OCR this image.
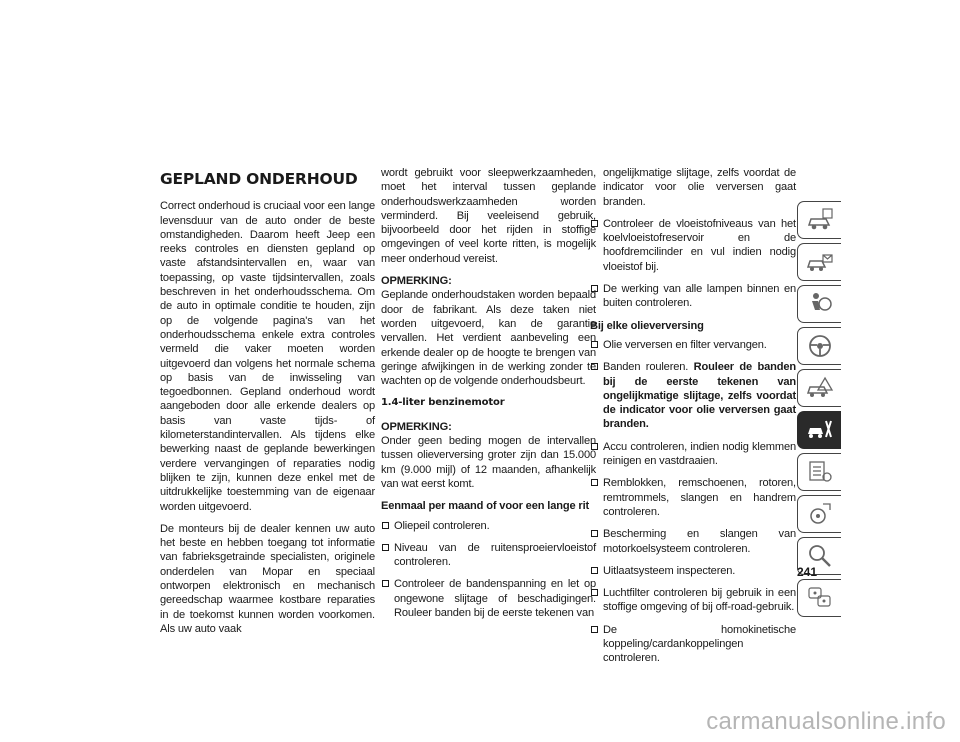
GEPLAND ONDERHOUD

Correct onderhoud is cruciaal voor een lange levensduur van de auto onder de beste omstandigheden. Daarom heeft Jeep een reeks controles en diensten gepland op vaste afstandsintervallen en, waar van toepassing, op vaste tijdsintervallen, zoals beschreven in het onderhoudsschema. Om de auto in optimale conditie te houden, zijn op de volgende pagina's van het onderhoudsschema enkele extra controles vermeld die vaker moeten worden uitgevoerd dan volgens het normale schema op basis van de inwisseling van tegoedbonnen. Gepland onderhoud wordt aangeboden door alle erkende dealers op basis van vaste tijds- of kilometerstandintervallen. Als tijdens elke bewerking naast de geplande bewerkingen verdere vervangingen of reparaties nodig blijken te zijn, kunnen deze enkel met de uitdrukkelijke toestemming van de eigenaar worden uitgevoerd.

De monteurs bij de dealer kennen uw auto het beste en hebben toegang tot informatie van fabrieksgetrainde specialisten, originele onderdelen van Mopar en speciaal ontworpen elektronisch en mechanisch gereedschap waarmee kostbare reparaties in de toekomst kunnen worden voorkomen. Als uw auto vaak

wordt gebruikt voor sleepwerkzaamheden, moet het interval tussen geplande onderhoudswerkzaamheden worden verminderd. Bij veeleisend gebruik, bijvoorbeeld door het rijden in stoffige omgevingen of veel korte ritten, is mogelijk meer onderhoud vereist.

OPMERKING:
Geplande onderhoudstaken worden bepaald door de fabrikant. Als deze taken niet worden uitgevoerd, kan de garantie vervallen. Het verdient aanbeveling een erkende dealer op de hoogte te brengen van geringe afwijkingen in de werking zonder te wachten op de volgende onderhoudsbeurt.

1.4-liter benzinemotor

OPMERKING:
Onder geen beding mogen de intervallen tussen olieverversing groter zijn dan 15.000 km (9.000 mijl) of 12 maanden, afhankelijk van wat eerst komt.

Eenmaal per maand of voor een lange rit
Oliepeil controleren.
Niveau van de ruitensproeiervloeistof controleren.
Controleer de bandenspanning en let op ongewone slijtage of beschadigingen. Rouleer banden bij de eerste tekenen van
ongelijkmatige slijtage, zelfs voordat de indicator voor olie verversen gaat branden.
Controleer de vloeistofniveaus van het koelvloeistofreservoir en de hoofdremcilinder en vul indien nodig vloeistof bij.
De werking van alle lampen binnen en buiten controleren.
Bij elke olieverversing
Olie verversen en filter vervangen.
Banden rouleren. Rouleer de banden bij de eerste tekenen van ongelijkmatige slijtage, zelfs voordat de indicator voor olie verversen gaat branden.
Accu controleren, indien nodig klemmen reinigen en vastdraaien.
Remblokken, remschoenen, rotoren, remtrommels, slangen en handrem controleren.
Bescherming en slangen van motorkoelsysteem controleren.
Uitlaatsysteem inspecteren.
Luchtfilter controleren bij gebruik in een stoffige omgeving of bij off-road-gebruik.
De homokinetische koppeling/cardankoppelingen controleren.
241
carmanualsonline.info
